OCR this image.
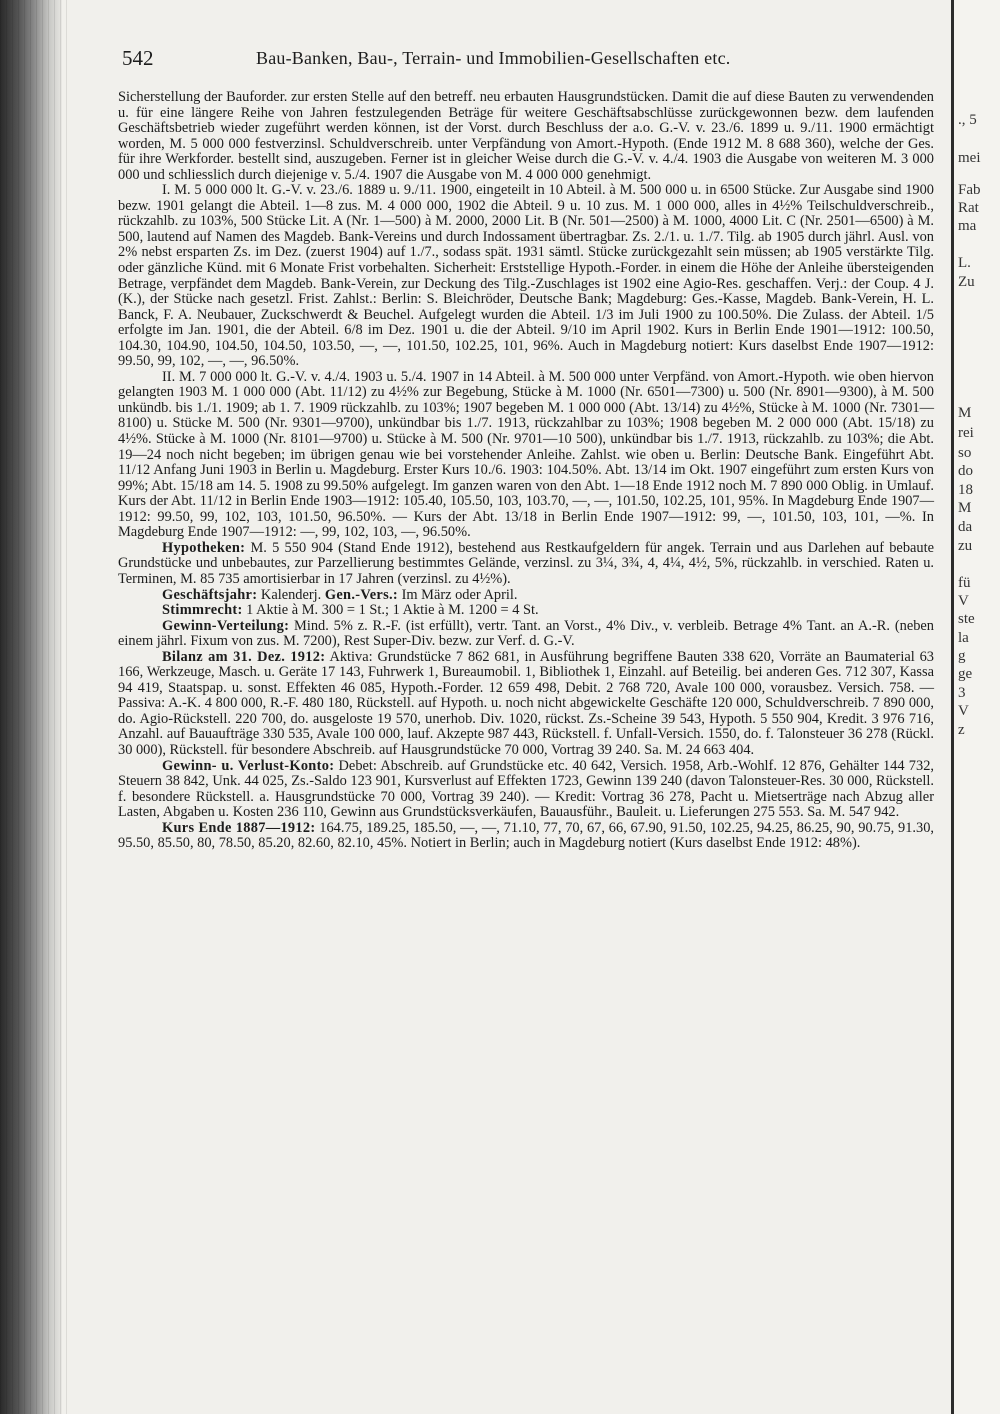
., 5
mei
Fab
Rat
ma
L.
Zu
M
rei
so
do
18
M
da
zu
fü
V
ste
la
g
ge
3
V
z
542	Bau-Banken, Bau-, Terrain- und Immobilien-Gesellschaften etc.

Sicherstellung der Bauforder. zur ersten Stelle auf den betreff. neu erbauten Hausgrundstücken. Damit die auf diese Bauten zu verwendenden u. für eine längere Reihe von Jahren festzulegenden Beträge für weitere Geschäftsabschlüsse zurückgewonnen bezw. dem laufenden Geschäftsbetrieb wieder zugeführt werden können, ist der Vorst. durch Beschluss der a.o. G.-V. v. 23./6. 1899 u. 9./11. 1900 ermächtigt worden, M. 5 000 000 festverzinsl. Schuldverschreib. unter Verpfändung von Amort.-Hypoth. (Ende 1912 M. 8 688 360), welche der Ges. für ihre Werkforder. bestellt sind, auszugeben. Ferner ist in gleicher Weise durch die G.-V. v. 4./4. 1903 die Ausgabe von weiteren M. 3 000 000 und schliesslich durch diejenige v. 5./4. 1907 die Ausgabe von M. 4 000 000 genehmigt.

I. M. 5 000 000 lt. G.-V. v. 23./6. 1889 u. 9./11. 1900, eingeteilt in 10 Abteil. à M. 500 000 u. in 6500 Stücke. Zur Ausgabe sind 1900 bezw. 1901 gelangt die Abteil. 1—8 zus. M. 4 000 000, 1902 die Abteil. 9 u. 10 zus. M. 1 000 000, alles in 4½% Teilschuldverschreib., rückzahlb. zu 103%, 500 Stücke Lit. A (Nr. 1—500) à M. 2000, 2000 Lit. B (Nr. 501—2500) à M. 1000, 4000 Lit. C (Nr. 2501—6500) à M. 500, lautend auf Namen des Magdeb. Bank-Vereins und durch Indossament übertragbar. Zs. 2./1. u. 1./7. Tilg. ab 1905 durch jährl. Ausl. von 2% nebst ersparten Zs. im Dez. (zuerst 1904) auf 1./7., sodass spät. 1931 sämtl. Stücke zurückgezahlt sein müssen; ab 1905 verstärkte Tilg. oder gänzliche Künd. mit 6 Monate Frist vorbehalten. Sicherheit: Erststellige Hypoth.-Forder. in einem die Höhe der Anleihe übersteigenden Betrage, verpfändet dem Magdeb. Bank-Verein, zur Deckung des Tilg.-Zuschlages ist 1902 eine Agio-Res. geschaffen. Verj.: der Coup. 4 J. (K.), der Stücke nach gesetzl. Frist. Zahlst.: Berlin: S. Bleichröder, Deutsche Bank; Magdeburg: Ges.-Kasse, Magdeb. Bank-Verein, H. L. Banck, F. A. Neubauer, Zuckschwerdt & Beuchel. Aufgelegt wurden die Abteil. 1/3 im Juli 1900 zu 100.50%. Die Zulass. der Abteil. 1/5 erfolgte im Jan. 1901, die der Abteil. 6/8 im Dez. 1901 u. die der Abteil. 9/10 im April 1902. Kurs in Berlin Ende 1901—1912: 100.50, 104.30, 104.90, 104.50, 104.50, 103.50, —, —, 101.50, 102.25, 101, 96%. Auch in Magdeburg notiert: Kurs daselbst Ende 1907—1912: 99.50, 99, 102, —, —, 96.50%.

II. M. 7 000 000 lt. G.-V. v. 4./4. 1903 u. 5./4. 1907 in 14 Abteil. à M. 500 000 unter Verpfänd. von Amort.-Hypoth. wie oben hiervon gelangten 1903 M. 1 000 000 (Abt. 11/12) zu 4½% zur Begebung, Stücke à M. 1000 (Nr. 6501—7300) u. 500 (Nr. 8901—9300), à M. 500 unkündb. bis 1./1. 1909; ab 1. 7. 1909 rückzahlb. zu 103%; 1907 begeben M. 1 000 000 (Abt. 13/14) zu 4½%, Stücke à M. 1000 (Nr. 7301—8100) u. Stücke M. 500 (Nr. 9301—9700), unkündbar bis 1./7. 1913, rückzahlbar zu 103%; 1908 begeben M. 2 000 000 (Abt. 15/18) zu 4½%. Stücke à M. 1000 (Nr. 8101—9700) u. Stücke à M. 500 (Nr. 9701—10 500), unkündbar bis 1./7. 1913, rückzahlb. zu 103%; die Abt. 19—24 noch nicht begeben; im übrigen genau wie bei vorstehender Anleihe. Zahlst. wie oben u. Berlin: Deutsche Bank. Eingeführt Abt. 11/12 Anfang Juni 1903 in Berlin u. Magdeburg. Erster Kurs 10./6. 1903: 104.50%. Abt. 13/14 im Okt. 1907 eingeführt zum ersten Kurs von 99%; Abt. 15/18 am 14. 5. 1908 zu 99.50% aufgelegt. Im ganzen waren von den Abt. 1—18 Ende 1912 noch M. 7 890 000 Oblig. in Umlauf. Kurs der Abt. 11/12 in Berlin Ende 1903—1912: 105.40, 105.50, 103, 103.70, —, —, 101.50, 102.25, 101, 95%. In Magdeburg Ende 1907—1912: 99.50, 99, 102, 103, 101.50, 96.50%. — Kurs der Abt. 13/18 in Berlin Ende 1907—1912: 99, —, 101.50, 103, 101, —%. In Magdeburg Ende 1907—1912: —, 99, 102, 103, —, 96.50%.

Hypotheken: M. 5 550 904 (Stand Ende 1912), bestehend aus Restkaufgeldern für angek. Terrain und aus Darlehen auf bebaute Grundstücke und unbebautes, zur Parzellierung bestimmtes Gelände, verzinsl. zu 3¼, 3¾, 4, 4¼, 4½, 5%, rückzahlb. in verschied. Raten u. Terminen, M. 85 735 amortisierbar in 17 Jahren (verzinsl. zu 4½%).

Geschäftsjahr: Kalenderj. Gen.-Vers.: Im März oder April.

Stimmrecht: 1 Aktie à M. 300 = 1 St.; 1 Aktie à M. 1200 = 4 St.

Gewinn-Verteilung: Mind. 5% z. R.-F. (ist erfüllt), vertr. Tant. an Vorst., 4% Div., v. verbleib. Betrage 4% Tant. an A.-R. (neben einem jährl. Fixum von zus. M. 7200), Rest Super-Div. bezw. zur Verf. d. G.-V.

Bilanz am 31. Dez. 1912: Aktiva: Grundstücke 7 862 681, in Ausführung begriffene Bauten 338 620, Vorräte an Baumaterial 63 166, Werkzeuge, Masch. u. Geräte 17 143, Fuhrwerk 1, Bureaumobil. 1, Bibliothek 1, Einzahl. auf Beteilig. bei anderen Ges. 712 307, Kassa 94 419, Staatspap. u. sonst. Effekten 46 085, Hypoth.-Forder. 12 659 498, Debit. 2 768 720, Avale 100 000, vorausbez. Versich. 758. — Passiva: A.-K. 4 800 000, R.-F. 480 180, Rückstell. auf Hypoth. u. noch nicht abgewickelte Geschäfte 120 000, Schuldverschreib. 7 890 000, do. Agio-Rückstell. 220 700, do. ausgeloste 19 570, unerhob. Div. 1020, rückst. Zs.-Scheine 39 543, Hypoth. 5 550 904, Kredit. 3 976 716, Anzahl. auf Bauaufträge 330 535, Avale 100 000, lauf. Akzepte 987 443, Rückstell. f. Unfall-Versich. 1550, do. f. Talonsteuer 36 278 (Rückl. 30 000), Rückstell. für besondere Abschreib. auf Hausgrundstücke 70 000, Vortrag 39 240. Sa. M. 24 663 404.

Gewinn- u. Verlust-Konto: Debet: Abschreib. auf Grundstücke etc. 40 642, Versich. 1958, Arb.-Wohlf. 12 876, Gehälter 144 732, Steuern 38 842, Unk. 44 025, Zs.-Saldo 123 901, Kursverlust auf Effekten 1723, Gewinn 139 240 (davon Talonsteuer-Res. 30 000, Rückstell. f. besondere Rückstell. a. Hausgrundstücke 70 000, Vortrag 39 240). — Kredit: Vortrag 36 278, Pacht u. Mietserträge nach Abzug aller Lasten, Abgaben u. Kosten 236 110, Gewinn aus Grundstücksverkäufen, Bauausführ., Bauleit. u. Lieferungen 275 553. Sa. M. 547 942.

Kurs Ende 1887—1912: 164.75, 189.25, 185.50, —, —, 71.10, 77, 70, 67, 66, 67.90, 91.50, 102.25, 94.25, 86.25, 90, 90.75, 91.30, 95.50, 85.50, 80, 78.50, 85.20, 82.60, 82.10, 45%. Notiert in Berlin; auch in Magdeburg notiert (Kurs daselbst Ende 1912: 48%).
